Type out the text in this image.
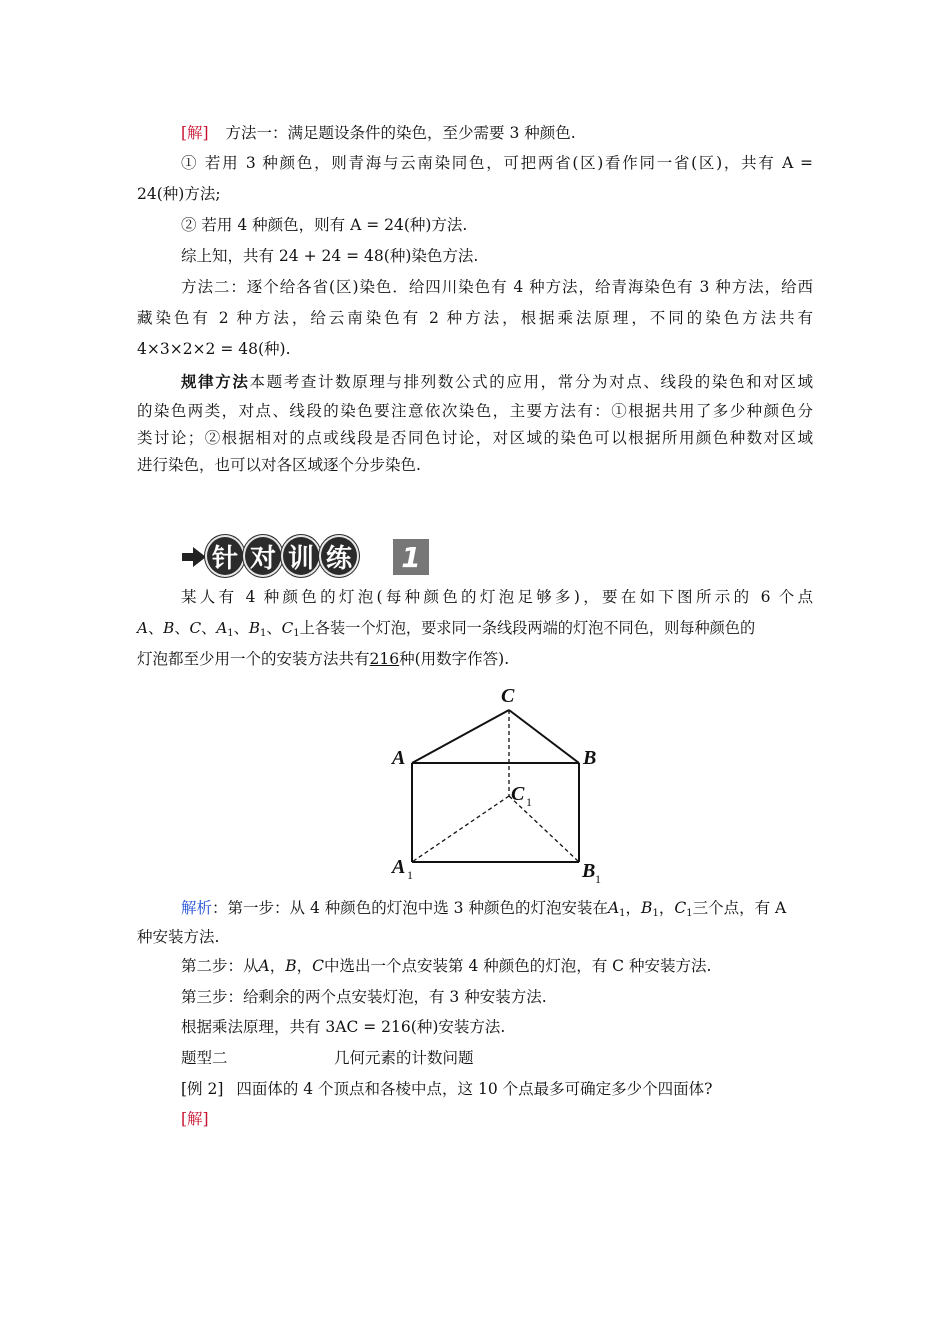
[解] 方法一：满足题设条件的染色，至少需要 3 种颜色.
① 若用 3 种颜色，则青海与云南染同色，可把两省(区)看作同一省(区)，共有 A =
24(种)方法;
② 若用 4 种颜色，则有 A = 24(种)方法.
综上知，共有 24 + 24 = 48(种)染色方法.
方法二：逐个给各省(区)染色．给四川染色有 4 种方法，给青海染色有 3 种方法，给西
藏染色有 2 种方法，给云南染色有 2 种方法，根据乘法原理，不同的染色方法共有
4×3×2×2 = 48(种).
规律方法本题考查计数原理与排列数公式的应用，常分为对点、线段的染色和对区域
的染色两类，对点、线段的染色要注意依次染色，主要方法有：①根据共用了多少种颜色分
类讨论；②根据相对的点或线段是否同色讨论，对区域的染色可以根据所用颜色种数对区域
进行染色，也可以对各区域逐个分步染色.
针 对 训 练 1
某人有 4 种颜色的灯泡(每种颜色的灯泡足够多)，要在如下图所示的 6 个点
A、B、C、$A_1$、$B_1$、$C_1$上各装一个灯泡，要求同一条线段两端的灯泡不同色，则每种颜色的
灯泡都至少用一个的安装方法共有216种(用数字作答).
C
A	B
C
A	B
1
1	1
解析：第一步：从 4 种颜色的灯泡中选 3 种颜色的灯泡安装在$A_1$，$B_1$，$C_1$三个点，有 A
种安装方法.
第二步：从A，B，C中选出一个点安装第 4 种颜色的灯泡，有 C 种安装方法.
第三步：给剩余的两个点安装灯泡，有 3 种安装方法.
根据乘法原理，共有 3AC = 216(种)安装方法.
题型二	几何元素的计数问题
[例 2] 四面体的 4 个顶点和各棱中点，这 10 个点最多可确定多少个四面体?
[解]
